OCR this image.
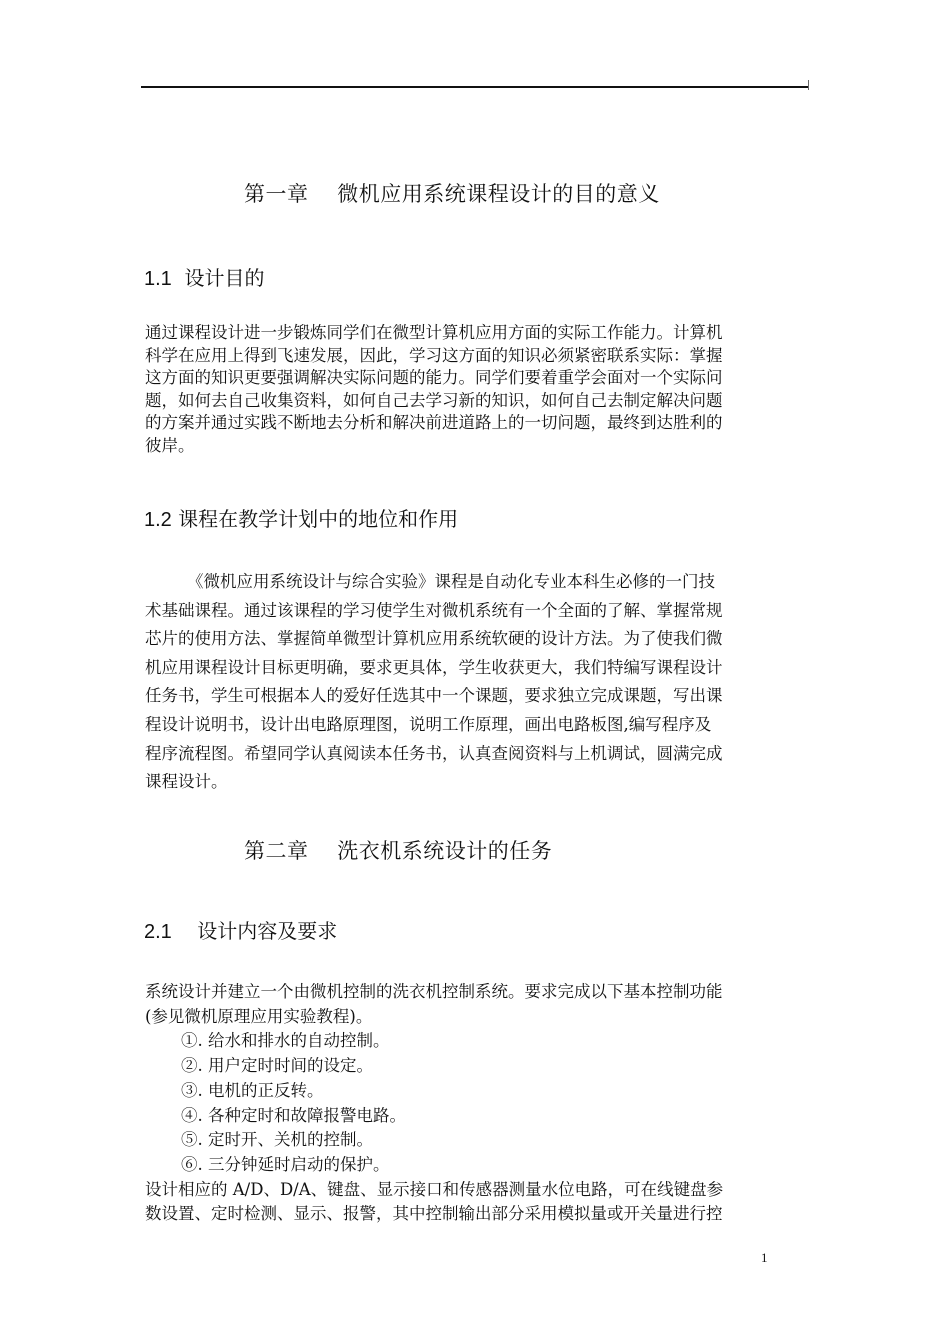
第一章    微机应用系统课程设计的目的意义
1.1 设计目的
通过课程设计进一步锻炼同学们在微型计算机应用方面的实际工作能力。计算机
科学在应用上得到飞速发展，因此，学习这方面的知识必须紧密联系实际：掌握
这方面的知识更要强调解决实际问题的能力。同学们要着重学会面对一个实际问
题，如何去自己收集资料，如何自己去学习新的知识，如何自己去制定解决问题
的方案并通过实践不断地去分析和解决前进道路上的一切问题，最终到达胜利的
彼岸。
1.2 课程在教学计划中的地位和作用
《微机应用系统设计与综合实验》课程是自动化专业本科生必修的一门技
术基础课程。通过该课程的学习使学生对微机系统有一个全面的了解、掌握常规
芯片的使用方法、掌握简单微型计算机应用系统软硬的设计方法。为了使我们微
机应用课程设计目标更明确，要求更具体，学生收获更大，我们特编写课程设计
任务书，学生可根据本人的爱好任选其中一个课题，要求独立完成课题，写出课
程设计说明书，设计出电路原理图，说明工作原理，画出电路板图,编写程序及
程序流程图。希望同学认真阅读本任务书，认真查阅资料与上机调试，圆满完成
课程设计。
第二章    洗衣机系统设计的任务
2.1 设计内容及要求
系统设计并建立一个由微机控制的洗衣机控制系统。要求完成以下基本控制功能
(参见微机原理应用实验教程)。
①. 给水和排水的自动控制。
②. 用户定时时间的设定。
③. 电机的正反转。
④. 各种定时和故障报警电路。
⑤. 定时开、关机的控制。
⑥. 三分钟延时启动的保护。
设计相应的 A/D、D/A、键盘、显示接口和传感器测量水位电路，可在线键盘参
数设置、定时检测、显示、报警，其中控制输出部分采用模拟量或开关量进行控
1
